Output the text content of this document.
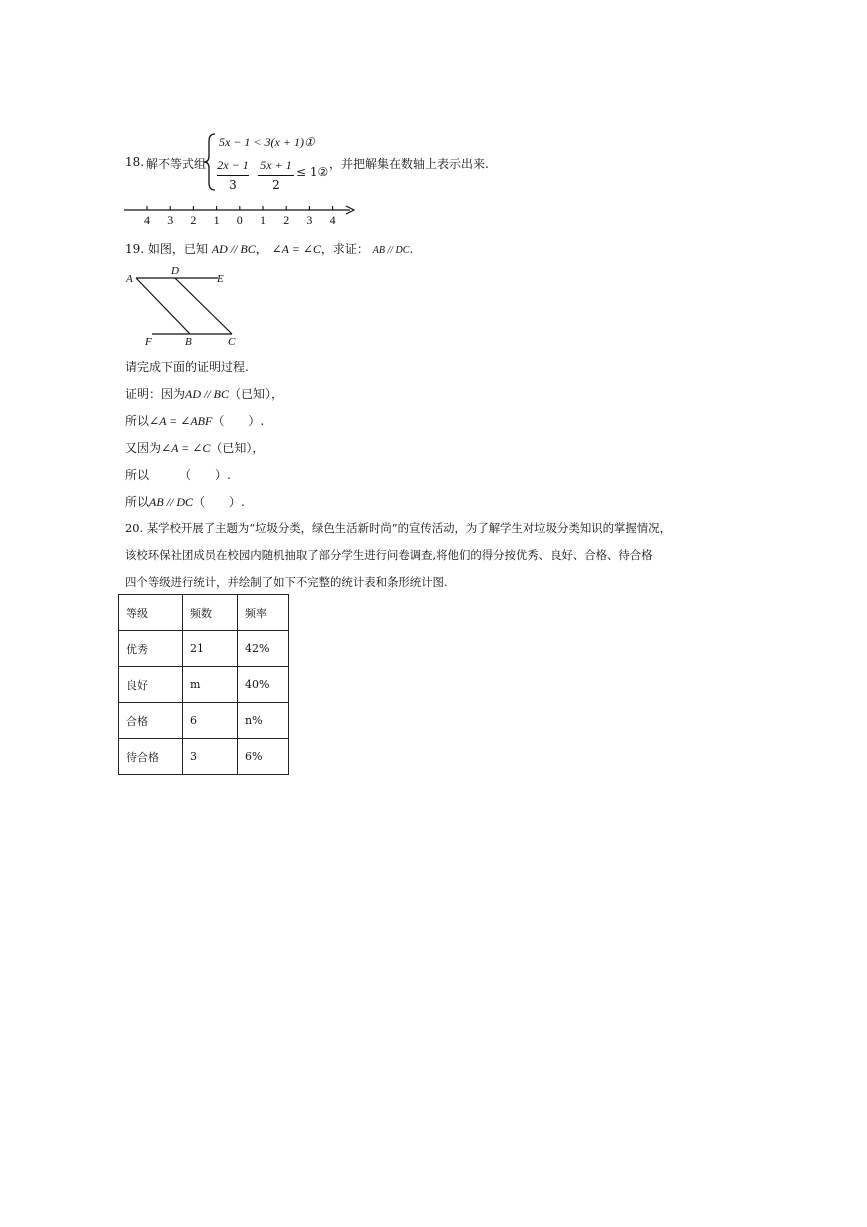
18. 解不等式组
5x − 1 < 3(x + 1)①
2x − 1
3
5x + 1
2
≤ 1②
，并把解集在数轴上表示出来.
4 3 2 1 0 1 2 3 4
19. 如图，已知 AD // BC， ∠A = ∠C，求证： AB // DC.
A
D
E
F	B	C
请完成下面的证明过程.
证明：因为AD // BC（已知），
所以∠A = ∠ABF（　　）.
又因为∠A = ∠C（已知），
所以　　　（　　）.
所以AB // DC（　　）.
20. 某学校开展了主题为“垃圾分类，绿色生活新时尚”的宣传活动，为了解学生对垃圾分类知识的掌握情况，
该校环保社团成员在校园内随机抽取了部分学生进行问卷调查,将他们的得分按优秀、良好、合格、待合格
四个等级进行统计，并绘制了如下不完整的统计表和条形统计图.
等级	频数	频率
优秀	21	42%
良好	m	40%
合格	6	n%
待合格	3	6%
